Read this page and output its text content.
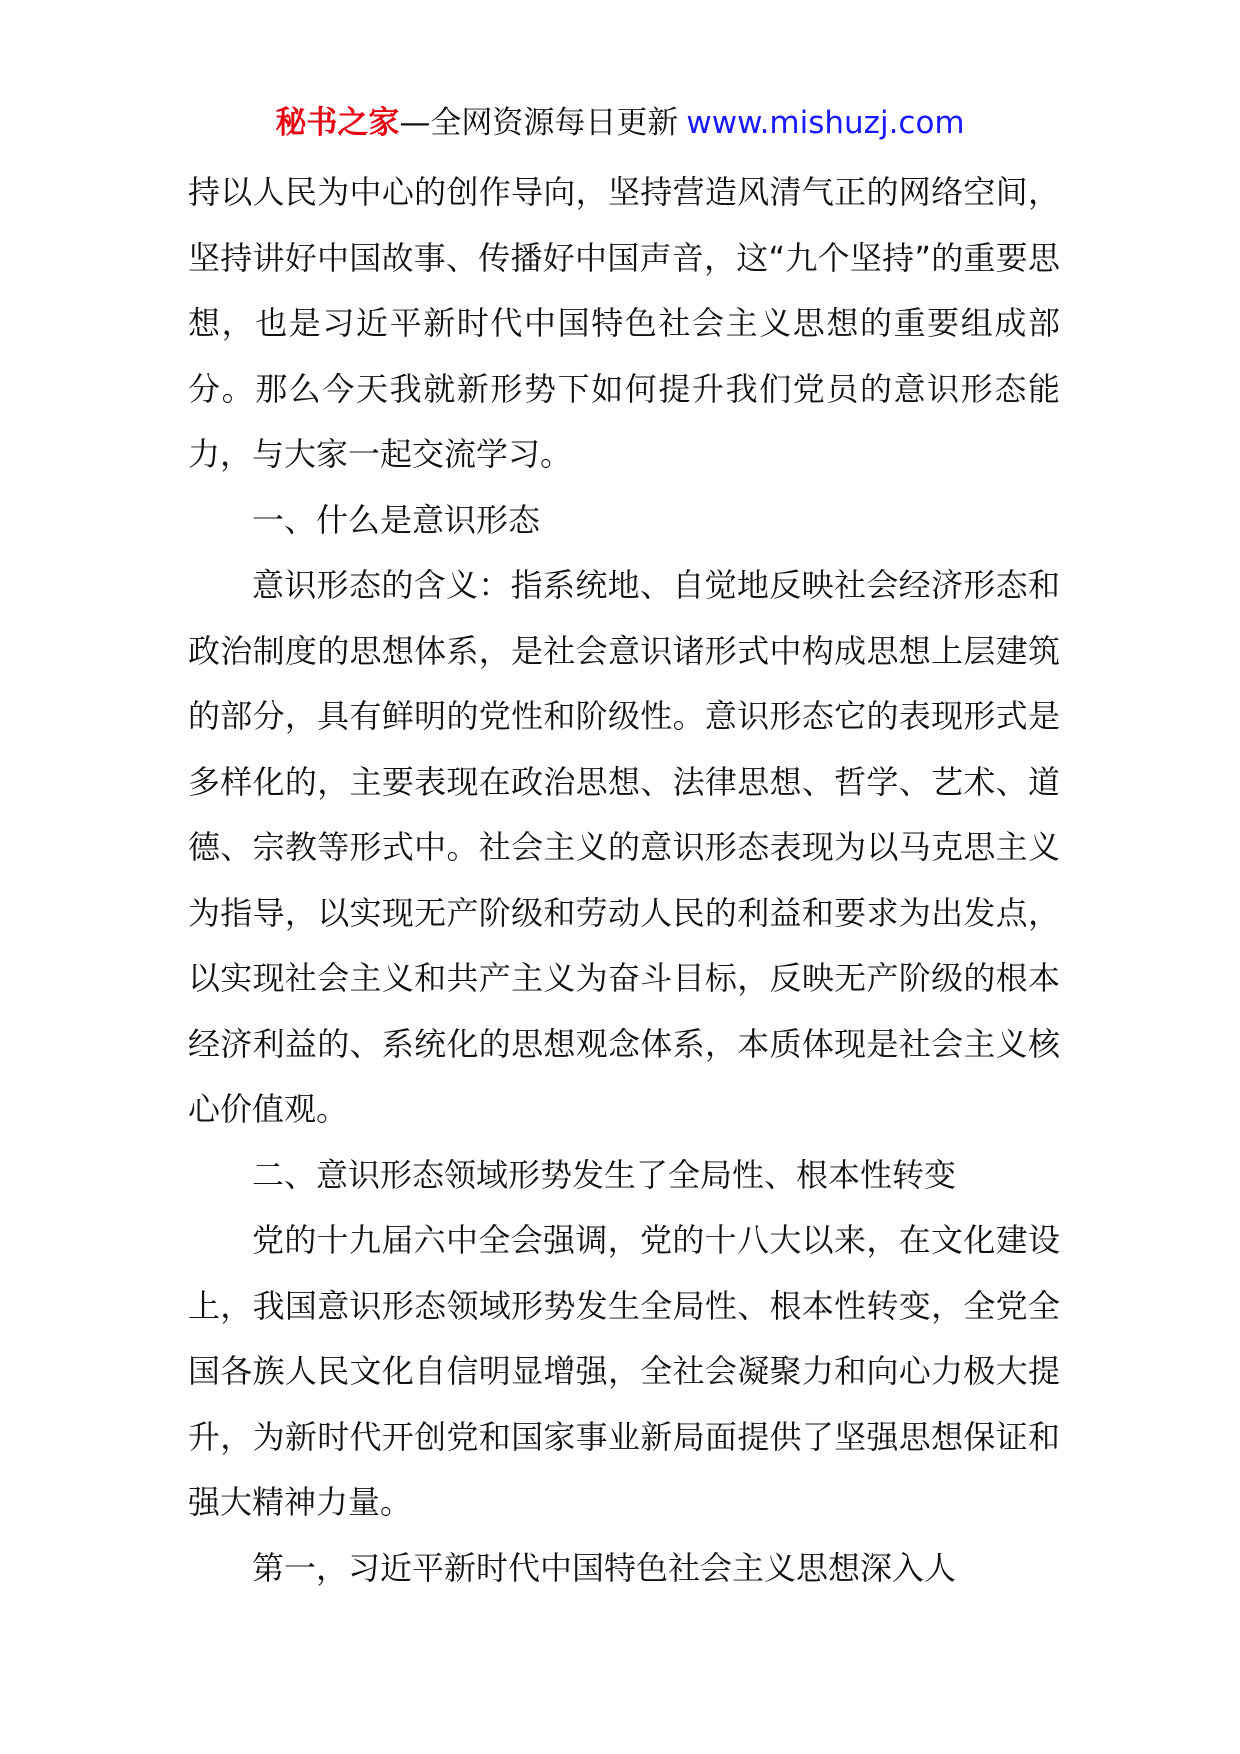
秘书之家—全网资源每日更新 www.mishuzj.com

持以人民为中心的创作导向，坚持营造风清气正的网络空间，坚持讲好中国故事、传播好中国声音，这“九个坚持”的重要思想，也是习近平新时代中国特色社会主义思想的重要组成部分。那么今天我就新形势下如何提升我们党员的意识形态能力，与大家一起交流学习。

一、什么是意识形态

意识形态的含义：指系统地、自觉地反映社会经济形态和政治制度的思想体系，是社会意识诸形式中构成思想上层建筑的部分，具有鲜明的党性和阶级性。意识形态它的表现形式是多样化的，主要表现在政治思想、法律思想、哲学、艺术、道德、宗教等形式中。社会主义的意识形态表现为以马克思主义为指导，以实现无产阶级和劳动人民的利益和要求为出发点，以实现社会主义和共产主义为奋斗目标，反映无产阶级的根本经济利益的、系统化的思想观念体系，本质体现是社会主义核心价值观。

二、意识形态领域形势发生了全局性、根本性转变

党的十九届六中全会强调，党的十八大以来，在文化建设上，我国意识形态领域形势发生全局性、根本性转变，全党全国各族人民文化自信明显增强，全社会凝聚力和向心力极大提升，为新时代开创党和国家事业新局面提供了坚强思想保证和强大精神力量。

第一，习近平新时代中国特色社会主义思想深入人
